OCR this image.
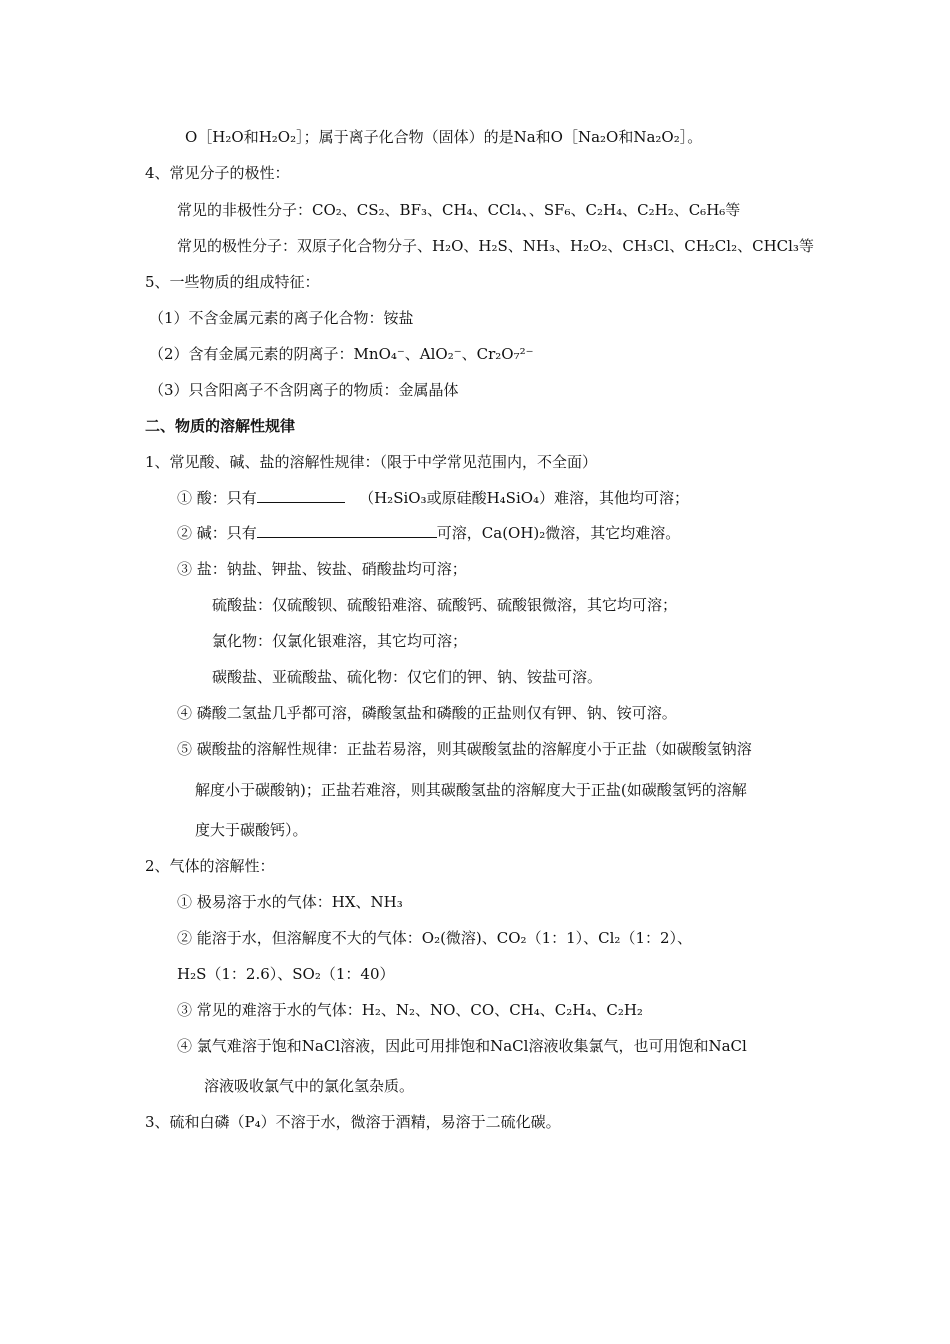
O［H₂O和H₂O₂］；属于离子化合物（固体）的是Na和O［Na₂O和Na₂O₂］。
4、常见分子的极性：
常见的非极性分子：CO₂、CS₂、BF₃、CH₄、CCl₄、、SF₆、C₂H₄、C₂H₂、C₆H₆等
常见的极性分子：双原子化合物分子、H₂O、H₂S、NH₃、H₂O₂、CH₃Cl、CH₂Cl₂、CHCl₃等
5、一些物质的组成特征：
（1）不含金属元素的离子化合物：铵盐
（2）含有金属元素的阴离子：MnO₄⁻、AlO₂⁻、Cr₂O₇²⁻
（3）只含阳离子不含阴离子的物质：金属晶体
二、物质的溶解性规律
1、常见酸、碱、盐的溶解性规律：（限于中学常见范围内，不全面）
① 酸：只有	（H₂SiO₃或原硅酸H₄SiO₄）难溶，其他均可溶；
② 碱：只有	可溶，Ca(OH)₂微溶，其它均难溶。
③ 盐：钠盐、钾盐、铵盐、硝酸盐均可溶；
硫酸盐：仅硫酸钡、硫酸铅难溶、硫酸钙、硫酸银微溶，其它均可溶；
氯化物：仅氯化银难溶，其它均可溶；
碳酸盐、亚硫酸盐、硫化物：仅它们的钾、钠、铵盐可溶。
④ 磷酸二氢盐几乎都可溶，磷酸氢盐和磷酸的正盐则仅有钾、钠、铵可溶。
⑤ 碳酸盐的溶解性规律：正盐若易溶，则其碳酸氢盐的溶解度小于正盐（如碳酸氢钠溶
解度小于碳酸钠)；正盐若难溶，则其碳酸氢盐的溶解度大于正盐(如碳酸氢钙的溶解
度大于碳酸钙）。
2、气体的溶解性：
① 极易溶于水的气体：HX、NH₃
② 能溶于水，但溶解度不大的气体：O₂(微溶)、CO₂（1：1）、Cl₂（1：2）、
H₂S（1：2.6）、SO₂（1：40）
③ 常见的难溶于水的气体：H₂、N₂、NO、CO、CH₄、C₂H₄、C₂H₂
④ 氯气难溶于饱和NaCl溶液，因此可用排饱和NaCl溶液收集氯气，也可用饱和NaCl
溶液吸收氯气中的氯化氢杂质。
3、硫和白磷（P₄）不溶于水，微溶于酒精，易溶于二硫化碳。
